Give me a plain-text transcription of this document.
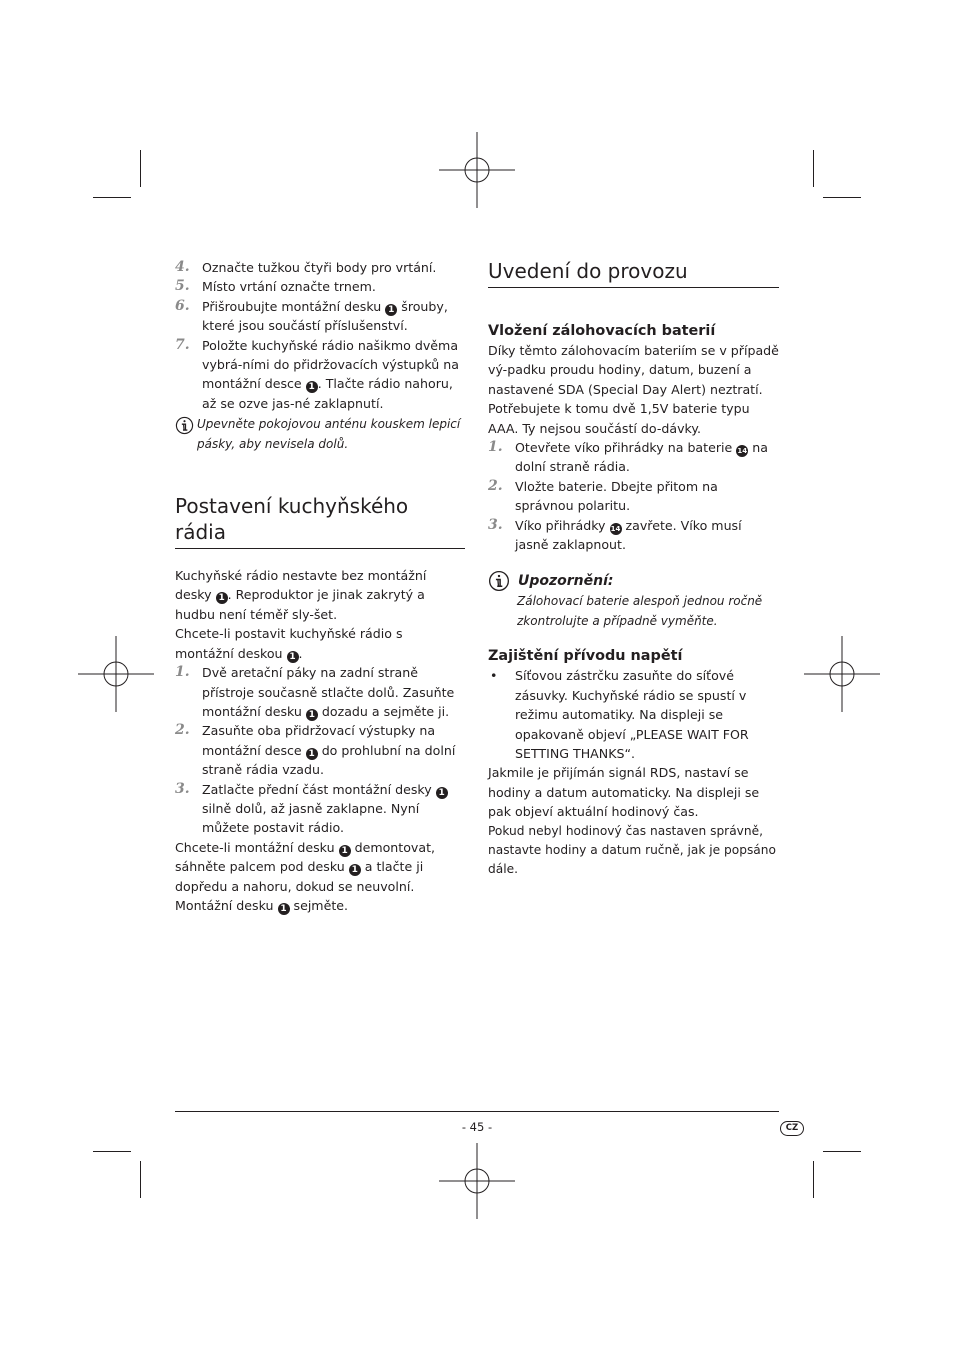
4. Označte tužkou čtyři body pro vrtání.
5. Místo vrtání označte trnem.
6. Přišroubujte montážní desku 1 šrouby, které jsou součástí příslušenství.
7. Položte kuchyňské rádio našikmo dvěma vybrá-ními do přidržovacích výstupků na montážní desce 1 . Tlačte rádio nahoru, až se ozve jas-né zaklapnutí.
Upevněte pokojovou anténu kouskem lepicí pásky, aby nevisela dolů.
Postavení kuchyňského rádia

Kuchyňské rádio nestavte bez montážní desky 1 . Reproduktor je jinak zakrytý a hudbu není téměř sly-šet.

Chcete-li postavit kuchyňské rádio s montážní deskou 1 .

1. Dvě aretační páky na zadní straně přístroje současně stlačte dolů. Zasuňte montážní desku 1 dozadu a sejměte ji.
2. Zasuňte oba přidržovací výstupky na montážní desce 1 do prohlubní na dolní straně rádia vzadu.
3. Zatlačte přední část montážní desky 1 silně dolů, až jasně zaklapne. Nyní můžete postavit rádio.

Chcete-li montážní desku 1 demontovat, sáhněte palcem pod desku 1 a tlačte ji dopředu a nahoru, dokud se neuvolní. Montážní desku 1 sejměte.

Uvedení do provozu
Vložení zálohovacích baterií

Díky těmto zálohovacím bateriím se v případě vý-padku proudu hodiny, datum, buzení a nastavené SDA (Special Day Alert) neztratí. Potřebujete k tomu dvě 1,5V baterie typu AAA. Ty nejsou součástí do-dávky.

1. Otevřete víko přihrádky na baterie 14 na dolní straně rádia.
2. Vložte baterie. Dbejte přitom na správnou polaritu.
3. Víko přihrádky 14 zavřete. Víko musí jasně zaklapnout.
Upozornění:

Zálohovací baterie alespoň jednou ročně zkontrolujte a případně vyměňte.

Zajištění přívodu napětí
• Síťovou zástrčku zasuňte do síťové zásuvky. Kuchyňské rádio se spustí v režimu automatiky. Na displeji se opakovaně objeví „PLEASE WAIT FOR SETTING THANKS“.

Jakmile je přijímán signál RDS, nastaví se hodiny a datum automaticky. Na displeji se pak objeví aktuální hodinový čas.

Pokud nebyl hodinový čas nastaven správně, nastavte hodiny a datum ručně, jak je popsáno dále.

- 45 -	CZ
